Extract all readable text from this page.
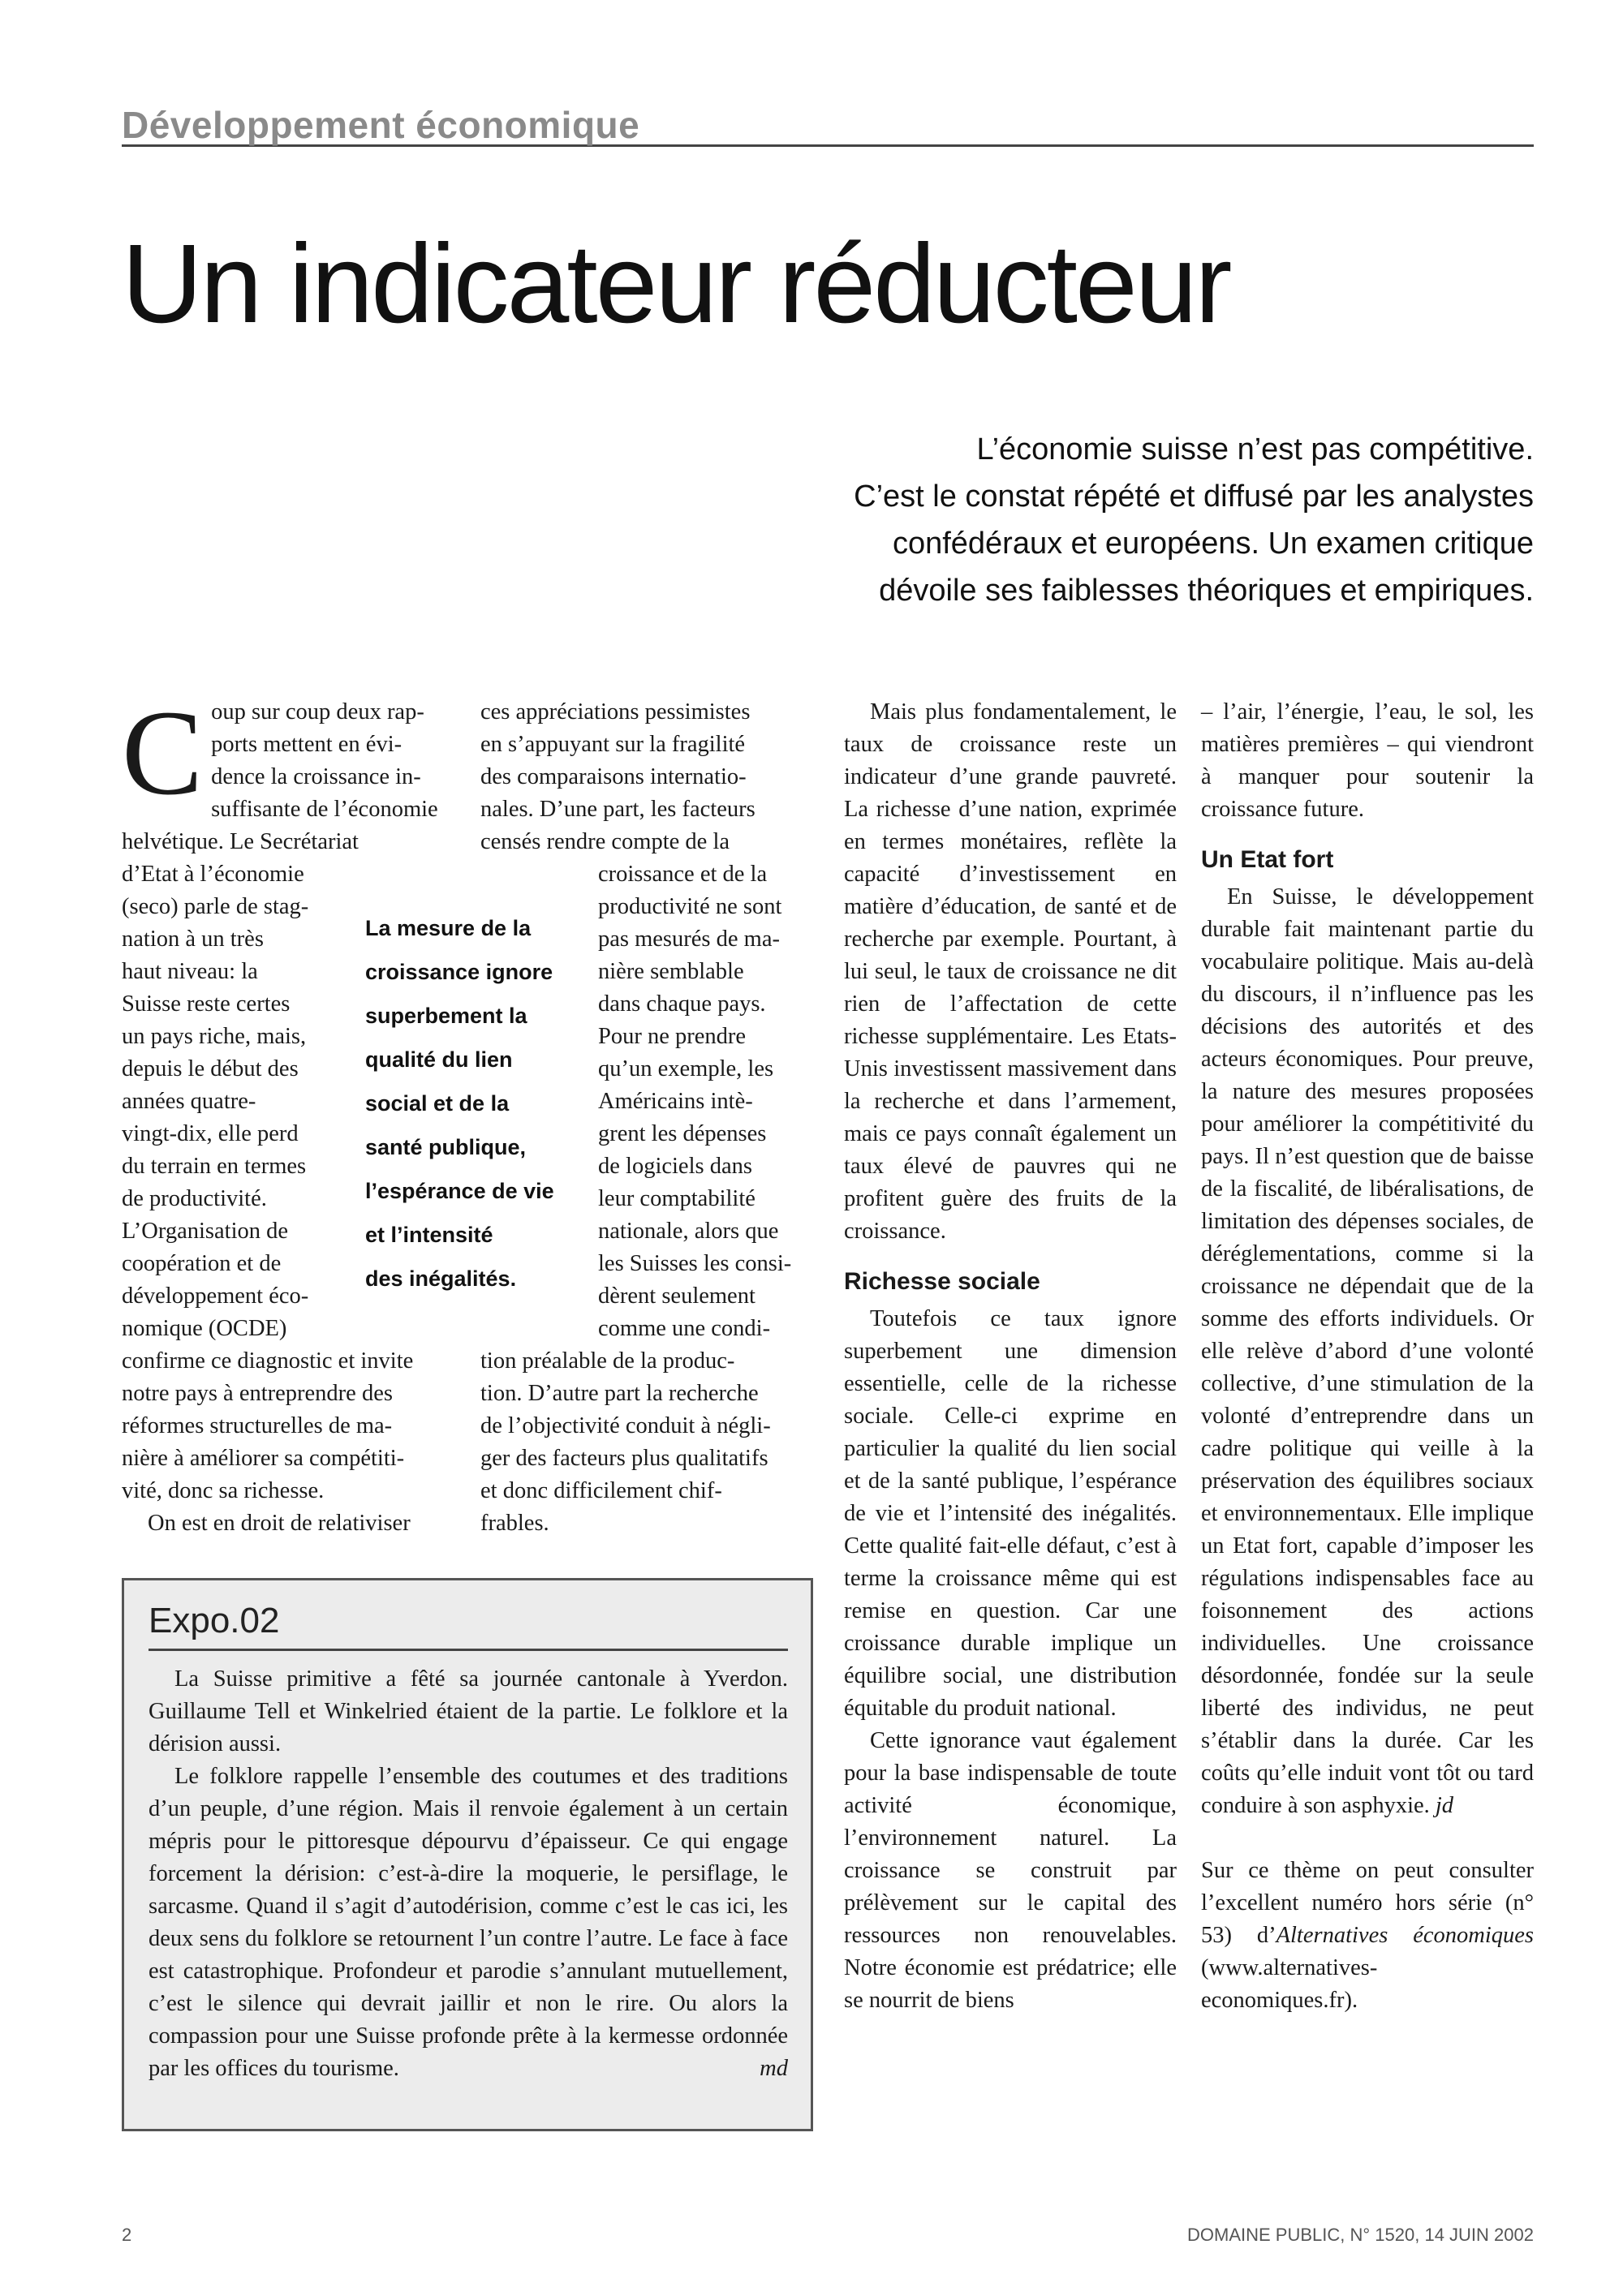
Développement économique
Un indicateur réducteur
L’économie suisse n’est pas compétitive.
C’est le constat répété et diffusé par les analystes
confédéraux et européens. Un examen critique
dévoile ses faiblesses théoriques et empiriques.
C oup sur coup deux rap-
ports mettent en évi-
dence la croissance in-
suffisante de l’économie
helvétique. Le Secrétariat
d’Etat à l’économie
(seco) parle de stag-
nation à un très
haut niveau: la
Suisse reste certes
un pays riche, mais,
depuis le début des
années quatre-
vingt-dix, elle perd
du terrain en termes
de productivité.
L’Organisation de
coopération et de
développement éco-
nomique (OCDE)
confirme ce diagnostic et invite
notre pays à entreprendre des
réformes structurelles de ma-
nière à améliorer sa compétiti-
vité, donc sa richesse.
On est en droit de relativiser
ces appréciations pessimistes
en s’appuyant sur la fragilité
des comparaisons internatio-
nales. D’une part, les facteurs
censés rendre compte de la
croissance et de la
productivité ne sont
pas mesurés de ma-
nière semblable
dans chaque pays.
Pour ne prendre
qu’un exemple, les
Américains intè-
grent les dépenses
de logiciels dans
leur comptabilité
nationale, alors que
les Suisses les consi-
dèrent seulement
comme une condi-
tion préalable de la produc-
tion. D’autre part la recherche
de l’objectivité conduit à négli-
ger des facteurs plus qualitatifs
et donc difficilement chif-
frables.
La mesure de la
croissance ignore
superbement la
qualité du lien
social et de la
santé publique,
l’espérance de vie
et l’intensité
des inégalités.

Mais plus fondamentalement, le taux de croissance reste un indicateur d’une grande pauvreté. La richesse d’une nation, exprimée en termes monétaires, reflète la capacité d’investissement en matière d’éducation, de santé et de recherche par exemple. Pourtant, à lui seul, le taux de croissance ne dit rien de l’affectation de cette richesse supplémentaire. Les Etats-Unis investissent massivement dans la recherche et dans l’armement, mais ce pays connaît également un taux élevé de pauvres qui ne profitent guère des fruits de la croissance.

Richesse sociale

Toutefois ce taux ignore superbement une dimension essentielle, celle de la richesse sociale. Celle-ci exprime en particulier la qualité du lien social et de la santé publique, l’espérance de vie et l’intensité des inégalités. Cette qualité fait-elle défaut, c’est à terme la croissance même qui est remise en question. Car une croissance durable implique un équilibre social, une distribution équitable du produit national.

Cette ignorance vaut également pour la base indispensable de toute activité économique, l’environnement naturel. La croissance se construit par prélèvement sur le capital des ressources non renouvelables. Notre économie est prédatrice; elle se nourrit de biens

– l’air, l’énergie, l’eau, le sol, les matières premières – qui viendront à manquer pour soutenir la croissance future.

Un Etat fort

En Suisse, le développement durable fait maintenant partie du vocabulaire politique. Mais au-delà du discours, il n’influence pas les décisions des autorités et des acteurs économiques. Pour preuve, la nature des mesures proposées pour améliorer la compétitivité du pays. Il n’est question que de baisse de la fiscalité, de libéralisations, de limitation des dépenses sociales, de déréglementations, comme si la croissance ne dépendait que de la somme des efforts individuels. Or elle relève d’abord d’une volonté collective, d’une stimulation de la volonté d’entreprendre dans un cadre politique qui veille à la préservation des équilibres sociaux et environnementaux. Elle implique un Etat fort, capable d’imposer les régulations indispensables face au foisonnement des actions individuelles. Une croissance désordonnée, fondée sur la seule liberté des individus, ne peut s’établir dans la durée. Car les coûts qu’elle induit vont tôt ou tard conduire à son asphyxie. jd

Sur ce thème on peut consulter l’excellent numéro hors série (n° 53) d’Alternatives économiques (www.alternatives-economiques.fr).

Expo.02

La Suisse primitive a fêté sa journée cantonale à Yverdon. Guillaume Tell et Winkelried étaient de la partie. Le folklore et la dérision aussi.

Le folklore rappelle l’ensemble des coutumes et des traditions d’un peuple, d’une région. Mais il renvoie également à un certain mépris pour le pittoresque dépourvu d’épaisseur. Ce qui engage forcement la dérision: c’est-à-dire la moquerie, le persiflage, le sarcasme. Quand il s’agit d’autodérision, comme c’est le cas ici, les deux sens du folklore se retournent l’un contre l’autre. Le face à face est catastrophique. Profondeur et parodie s’annulant mutuellement, c’est le silence qui devrait jaillir et non le rire. Ou alors la compassion pour une Suisse profonde prête à la kermesse ordonnée par les offices du tourisme.	md

2	DOMAINE PUBLIC, N° 1520, 14 JUIN 2002
